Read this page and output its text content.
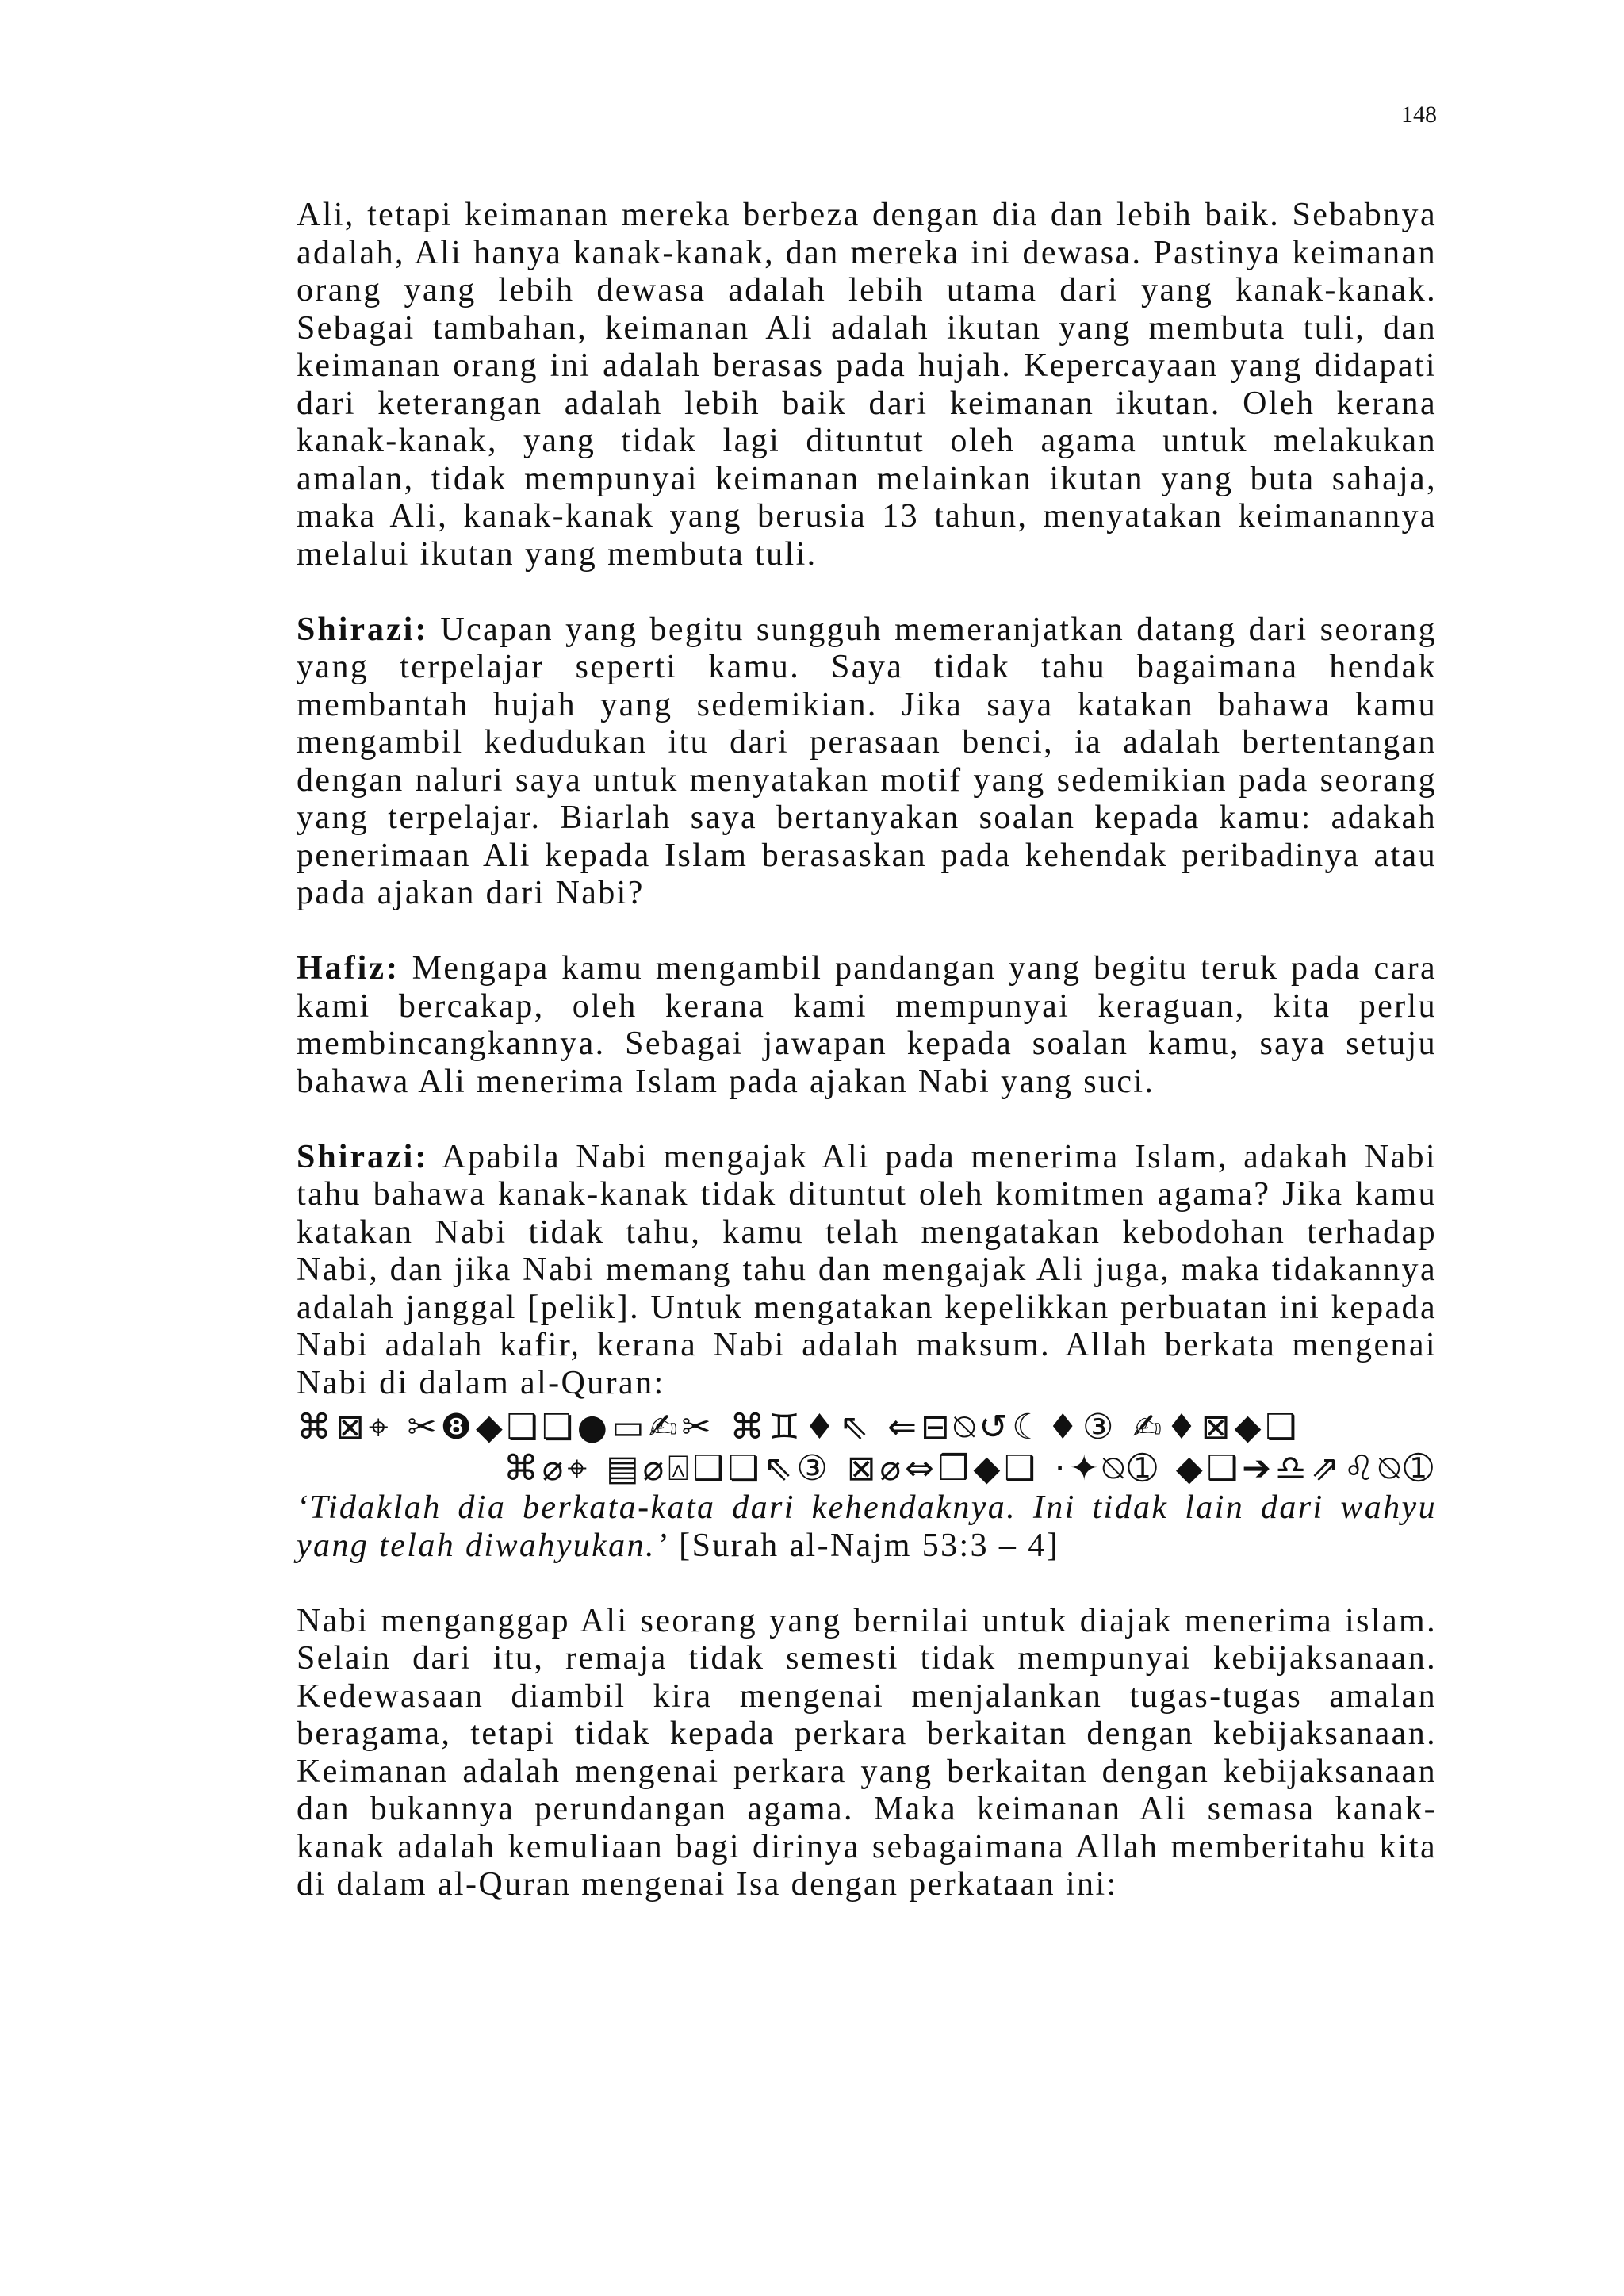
148

Ali, tetapi keimanan mereka berbeza dengan dia dan lebih baik. Sebabnya adalah, Ali hanya kanak-kanak, dan mereka ini dewasa. Pastinya keimanan orang yang lebih dewasa adalah lebih utama dari yang kanak-kanak. Sebagai tambahan, keimanan Ali adalah ikutan yang membuta tuli, dan keimanan orang ini adalah berasas pada hujah. Kepercayaan yang didapati dari keterangan adalah lebih baik dari keimanan ikutan. Oleh kerana kanak-kanak, yang tidak lagi dituntut oleh agama untuk melakukan amalan, tidak mempunyai keimanan melainkan ikutan yang buta sahaja, maka Ali, kanak-kanak yang berusia 13 tahun, menyatakan keimanannya melalui ikutan yang membuta tuli.

Shirazi: Ucapan yang begitu sungguh memeranjatkan datang dari seorang yang terpelajar seperti kamu. Saya tidak tahu bagaimana hendak membantah hujah yang sedemikian. Jika saya katakan bahawa kamu mengambil kedudukan itu dari perasaan benci, ia adalah bertentangan dengan naluri saya untuk menyatakan motif yang sedemikian pada seorang yang terpelajar. Biarlah saya bertanyakan soalan kepada kamu: adakah penerimaan Ali kepada Islam berasaskan pada kehendak peribadinya atau pada ajakan dari Nabi?

Hafiz: Mengapa kamu mengambil pandangan yang begitu teruk pada cara kami bercakap, oleh kerana kami mempunyai keraguan, kita perlu membincangkannya. Sebagai jawapan kepada soalan kamu, saya setuju bahawa Ali menerima Islam pada ajakan Nabi yang suci.

Shirazi: Apabila Nabi mengajak Ali pada menerima Islam, adakah Nabi tahu bahawa kanak-kanak tidak dituntut oleh komitmen agama? Jika kamu katakan Nabi tidak tahu, kamu telah mengatakan kebodohan terhadap Nabi, dan jika Nabi memang tahu dan mengajak Ali juga, maka tidakannya adalah janggal [pelik]. Untuk mengatakan kepelikkan perbuatan ini kepada Nabi adalah kafir, kerana Nabi adalah maksum. Allah berkata mengenai Nabi di dalam al-Quran:

⌘⊠⌖ ✂❽◆❑❏●▭✍✂ ⌘♊♦⇖ ⇐⊟⍉↺☾♦③ ✍♦⊠◆❑
⌘⌀⌖ ▤⌀⍓❑❏⇖③ ⊠⌀⇔❒◆❑ ⋅✦⍉➀ ◆❑➔♎⇗♌⍉➀

‘Tidaklah dia berkata-kata dari kehendaknya. Ini tidak lain dari wahyu yang telah diwahyukan.’ [Surah al-Najm 53:3 – 4]

Nabi menganggap Ali seorang yang bernilai untuk diajak menerima islam. Selain dari itu, remaja tidak semesti tidak mempunyai kebijaksanaan. Kedewasaan diambil kira mengenai menjalankan tugas-tugas amalan beragama, tetapi tidak kepada perkara berkaitan dengan kebijaksanaan. Keimanan adalah mengenai perkara yang berkaitan dengan kebijaksanaan dan bukannya perundangan agama. Maka keimanan Ali semasa kanak-kanak adalah kemuliaan bagi dirinya sebagaimana Allah memberitahu kita di dalam al-Quran mengenai Isa dengan perkataan ini:
